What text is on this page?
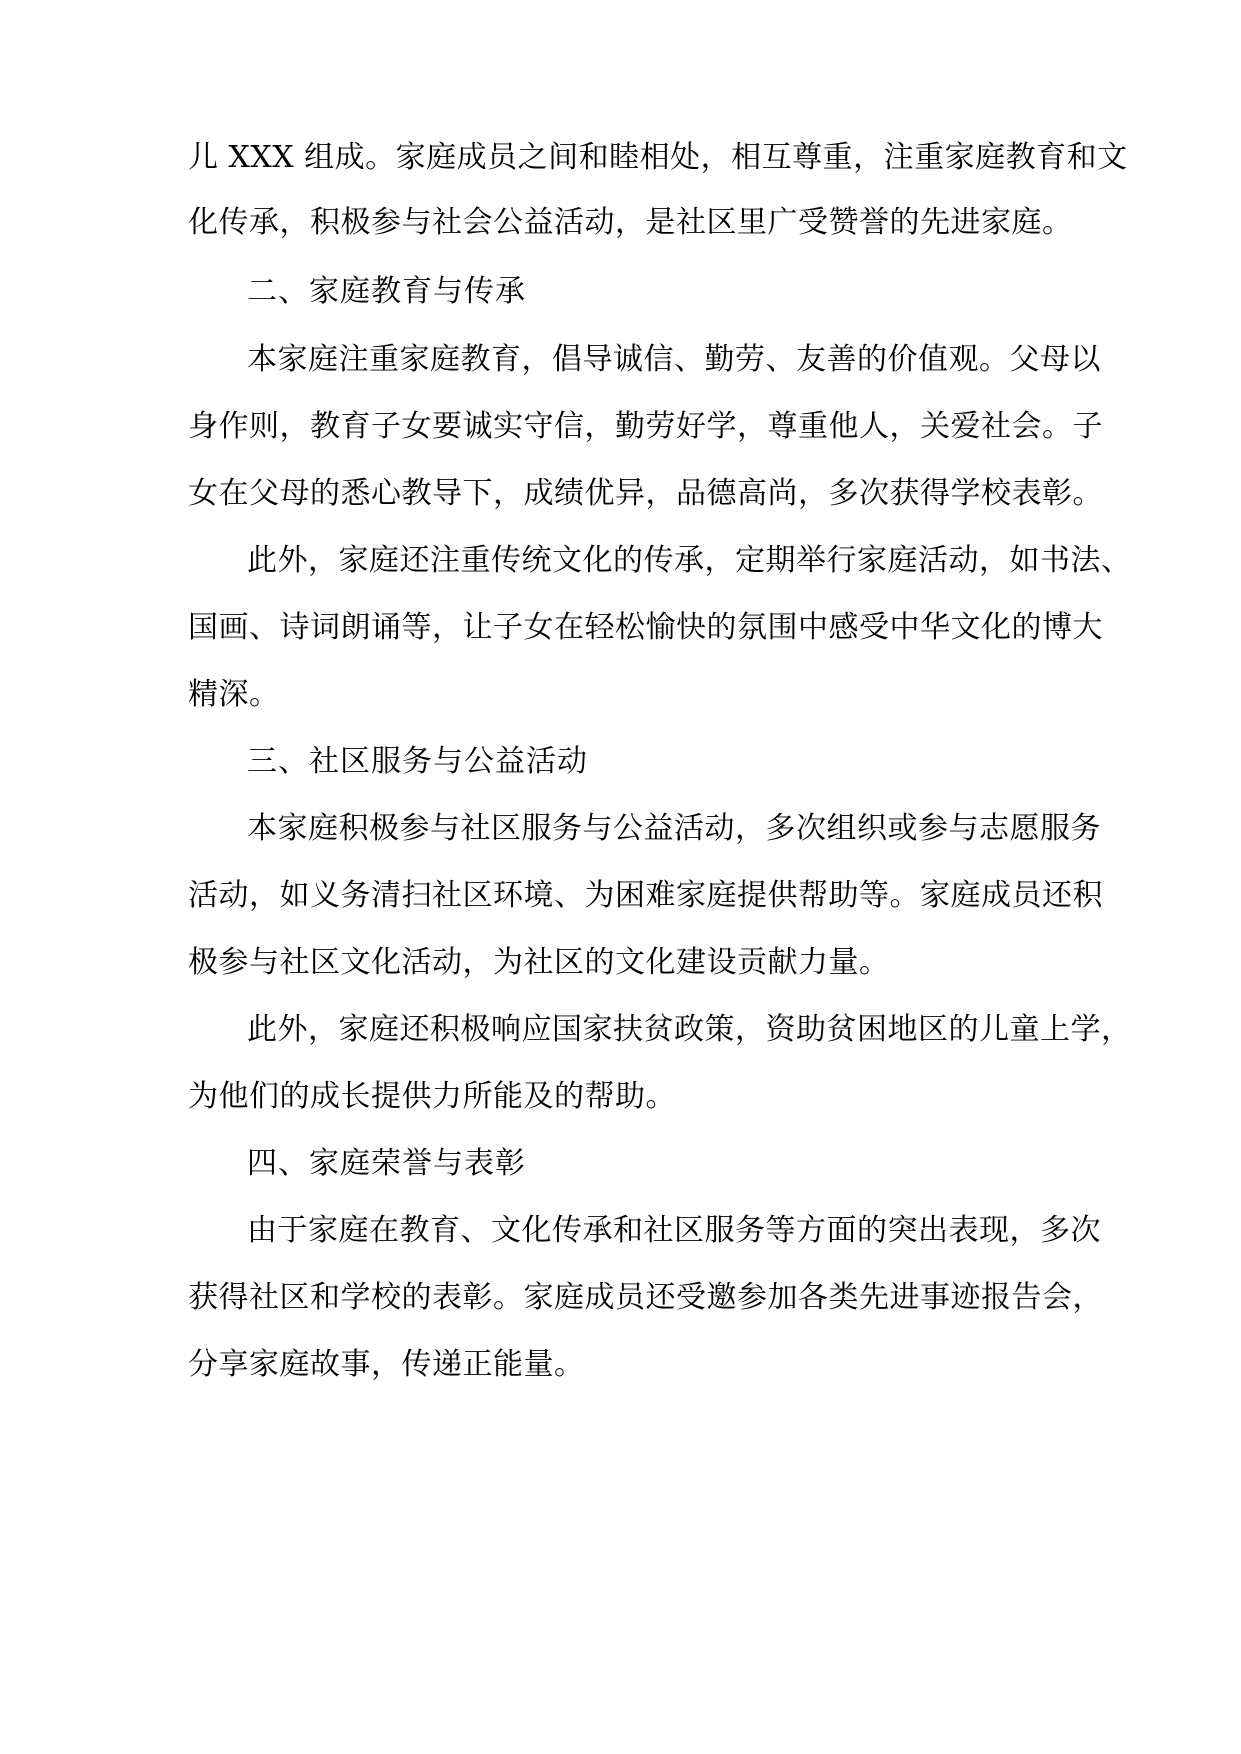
儿 XXX 组成。家庭成员之间和睦相处，相互尊重，注重家庭教育和文
化传承，积极参与社会公益活动，是社区里广受赞誉的先进家庭。
二、家庭教育与传承
本家庭注重家庭教育，倡导诚信、勤劳、友善的价值观。父母以
身作则，教育子女要诚实守信，勤劳好学，尊重他人，关爱社会。子
女在父母的悉心教导下，成绩优异，品德高尚，多次获得学校表彰。
此外，家庭还注重传统文化的传承，定期举行家庭活动，如书法、
国画、诗词朗诵等，让子女在轻松愉快的氛围中感受中华文化的博大
精深。
三、社区服务与公益活动
本家庭积极参与社区服务与公益活动，多次组织或参与志愿服务
活动，如义务清扫社区环境、为困难家庭提供帮助等。家庭成员还积
极参与社区文化活动，为社区的文化建设贡献力量。
此外，家庭还积极响应国家扶贫政策，资助贫困地区的儿童上学，
为他们的成长提供力所能及的帮助。
四、家庭荣誉与表彰
由于家庭在教育、文化传承和社区服务等方面的突出表现，多次
获得社区和学校的表彰。家庭成员还受邀参加各类先进事迹报告会，
分享家庭故事，传递正能量。
